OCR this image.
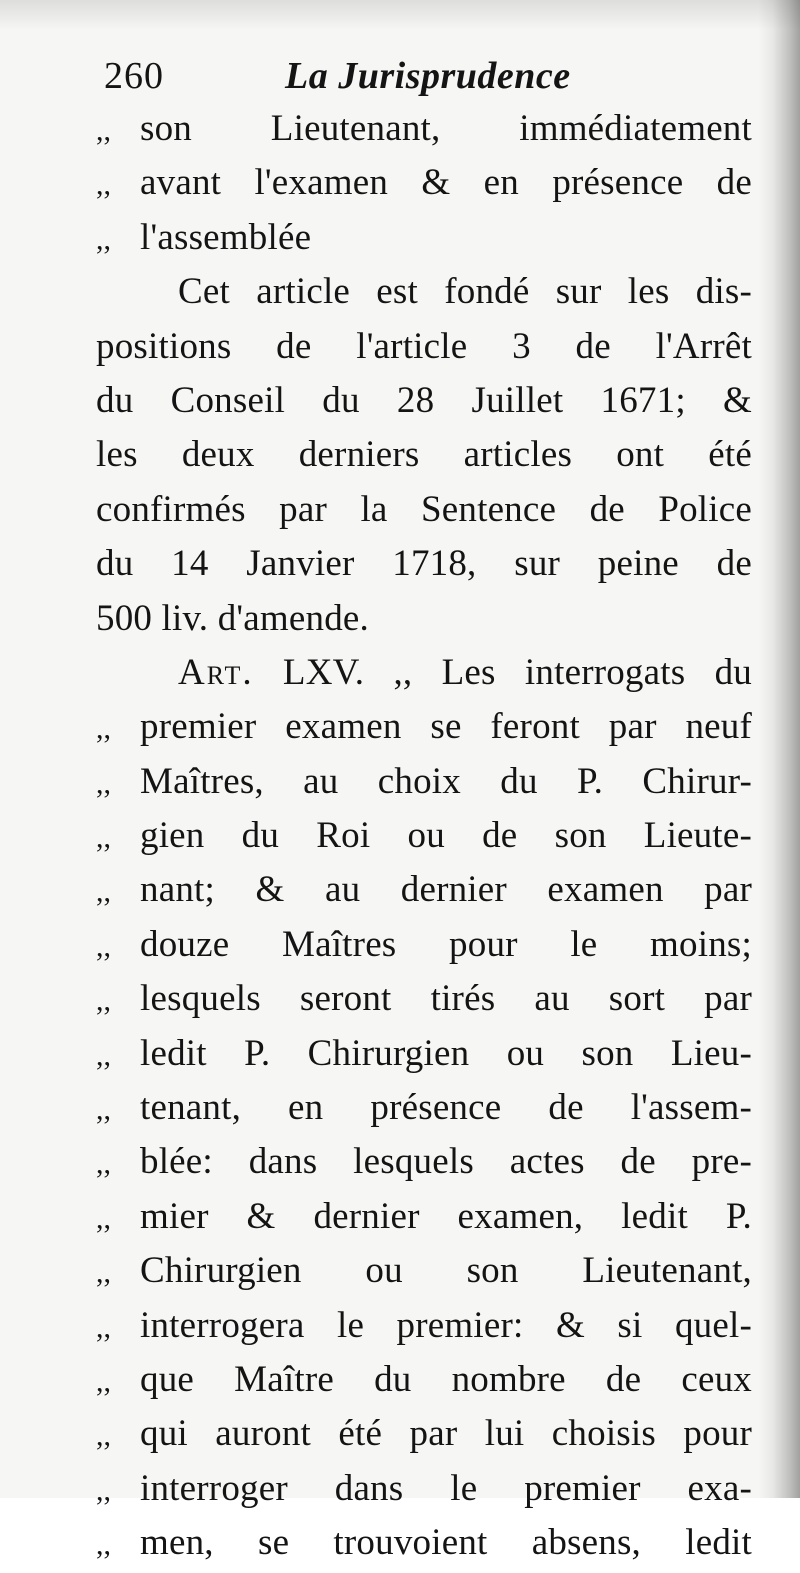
260	La Jurisprudence
,, son Lieutenant, immédiatement
,, avant l'examen & en présence de
,, l'assemblée
Cet article est fondé sur les dis-
positions de l'article 3 de l'Arrêt
du Conseil du 28 Juillet 1671; &
les deux derniers articles ont été
confirmés par la Sentence de Police
du 14 Janvier 1718, sur peine de
500 liv. d'amende.
Art. LXV. ,, Les interrogats du
,, premier examen se feront par neuf
,, Maîtres, au choix du P. Chirur-
,, gien du Roi ou de son Lieute-
,, nant; & au dernier examen par
,, douze Maîtres pour le moins;
,, lesquels seront tirés au sort par
,, ledit P. Chirurgien ou son Lieu-
,, tenant, en présence de l'assem-
,, blée: dans lesquels actes de pre-
,, mier & dernier examen, ledit P.
,, Chirurgien ou son Lieutenant,
,, interrogera le premier: & si quel-
,, que Maître du nombre de ceux
,, qui auront été par lui choisis pour
,, interroger dans le premier exa-
,, men, se trouvoient absens, ledit
